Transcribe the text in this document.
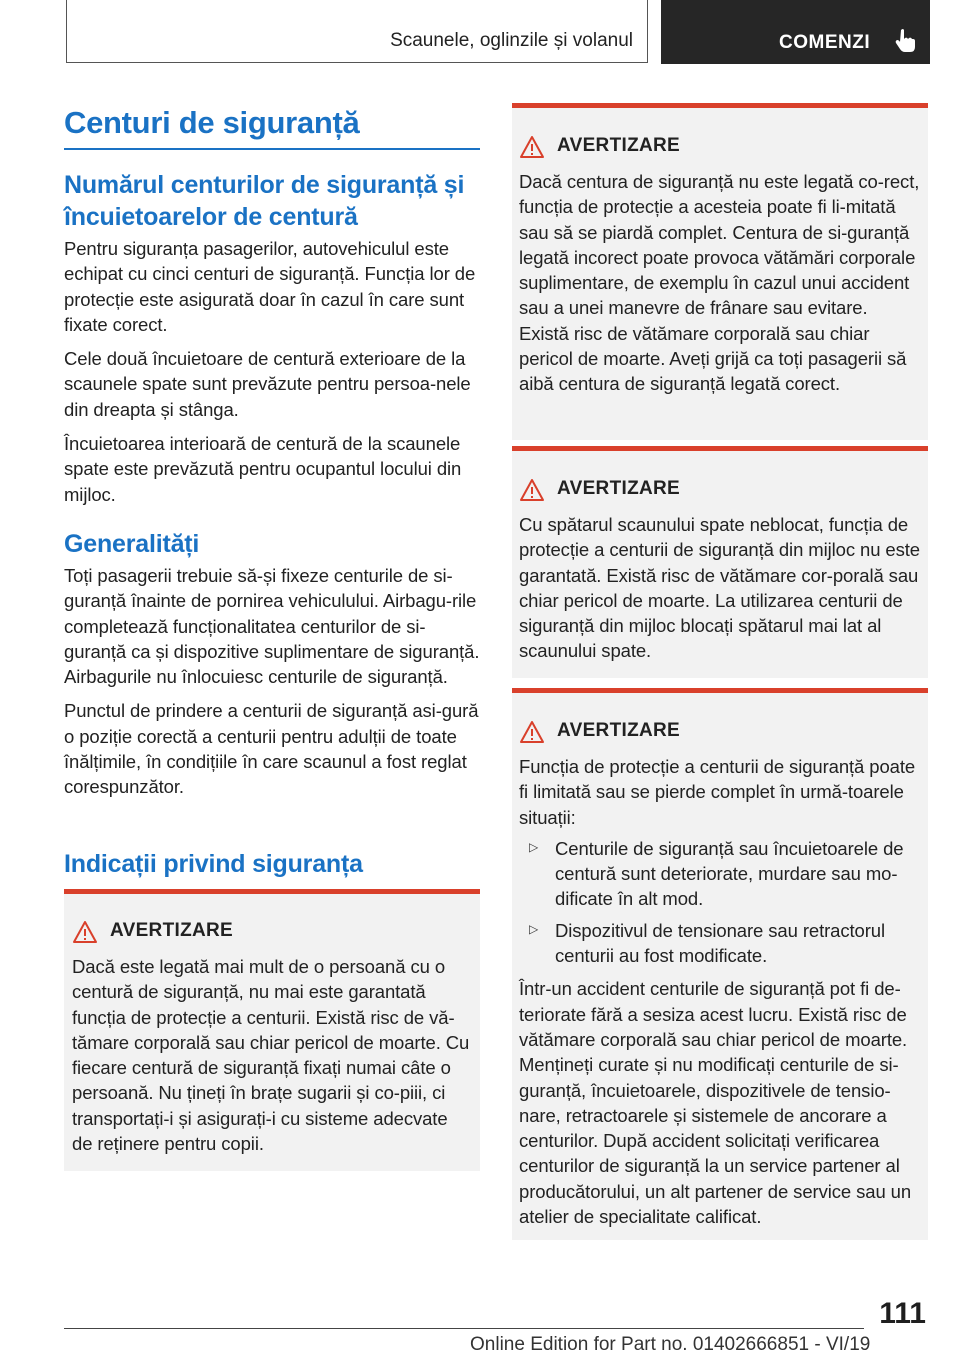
Scaunele, oglinzile și volanul	COMENZI
Centuri de siguranță
Numărul centurilor de siguranță și încuietoarelor de centură

Pentru siguranța pasagerilor, autovehiculul este echipat cu cinci centuri de siguranță. Funcția lor de protecție este asigurată doar în cazul în care sunt fixate corect.

Cele două încuietoare de centură exterioare de la scaunele spate sunt prevăzute pentru persoa-nele din dreapta și stânga.

Încuietoarea interioară de centură de la scaunele spate este prevăzută pentru ocupantul locului din mijloc.

Generalități

Toți pasagerii trebuie să-și fixeze centurile de si-guranță înainte de pornirea vehiculului. Airbagu-rile completează funcționalitatea centurilor de si-guranță ca și dispozitive suplimentare de siguranță. Airbagurile nu înlocuiesc centurile de siguranță.

Punctul de prindere a centurii de siguranță asi-gură o poziție corectă a centurii pentru adulții de toate înălțimile, în condițiile în care scaunul a fost reglat corespunzător.

Indicații privind siguranța
AVERTIZARE

Dacă este legată mai mult de o persoană cu o centură de siguranță, nu mai este garantată funcția de protecție a centurii. Există risc de vă-tămare corporală sau chiar pericol de moarte. Cu fiecare centură de siguranță fixați numai câte o persoană. Nu țineți în brațe sugarii și co-piii, ci transportați-i și asigurați-i cu sisteme adecvate de reținere pentru copii.

AVERTIZARE

Dacă centura de siguranță nu este legată co-rect, funcția de protecție a acesteia poate fi li-mitată sau să se piardă complet. Centura de si-guranță legată incorect poate provoca vătămări corporale suplimentare, de exemplu în cazul unui accident sau a unei manevre de frânare sau evitare. Există risc de vătămare corporală sau chiar pericol de moarte. Aveți grijă ca toți pasagerii să aibă centura de siguranță legată corect.

AVERTIZARE

Cu spătarul scaunului spate neblocat, funcția de protecție a centurii de siguranță din mijloc nu este garantată. Există risc de vătămare cor-porală sau chiar pericol de moarte. La utilizarea centurii de siguranță din mijloc blocați spătarul mai lat al scaunului spate.

AVERTIZARE

Funcția de protecție a centurii de siguranță poate fi limitată sau se pierde complet în urmă-toarele situații:

▷ Centurile de siguranță sau încuietoarele de centură sunt deteriorate, murdare sau mo-dificate în alt mod.

▷ Dispozitivul de tensionare sau retractorul centurii au fost modificate.

Într-un accident centurile de siguranță pot fi de-teriorate fără a sesiza acest lucru. Există risc de vătămare corporală sau chiar pericol de moarte. Mențineți curate și nu modificați centurile de si-guranță, încuietoarele, dispozitivele de tensio-nare, retractoarele și sistemele de ancorare a centurilor. După accident solicitați verificarea centurilor de siguranță la un service partener al producătorului, un alt partener de service sau un atelier de specialitate calificat.

111
Online Edition for Part no. 01402666851 - VI/19
